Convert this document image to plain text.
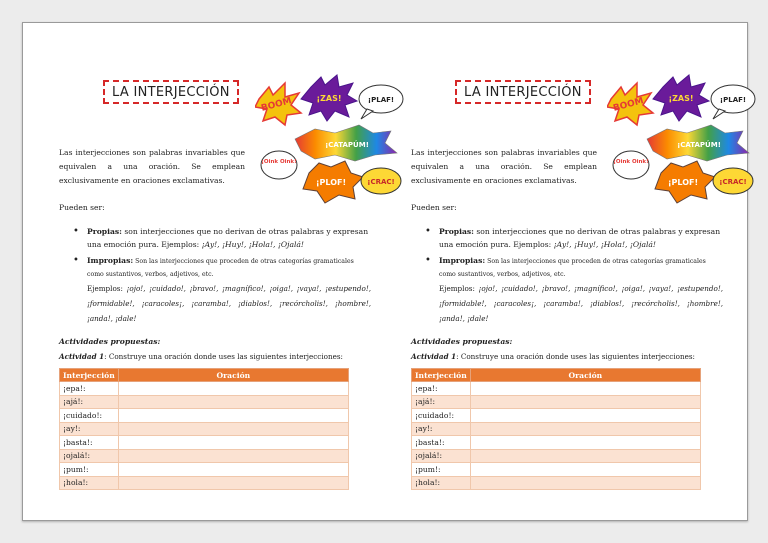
LA INTERJECCIÓN
BOOM	¡ZAS!	¡PLAF!
¡CATAPÚM!
¡Oink Oink!
¡PLOF!	¡CRAC!
Las interjecciones son palabras invariables que equivalen a una oración. Se emplean exclusivamente en oraciones exclamativas.
Pueden ser:
• Propias: son interjecciones que no derivan de otras palabras y expresan una emoción pura. Ejemplos: ¡Ay!, ¡Huy!, ¡Hola!, ¡Ojalá!
• Impropias: Son las interjecciones que proceden de otras categorías gramaticales como sustantivos, verbos, adjetivos, etc.
Ejemplos: ¡ojo!, ¡cuidado!, ¡bravo!, ¡magnífico!, ¡oiga!, ¡vaya!, ¡estupendo!, ¡formidable!, ¡caracoles¡, ¡caramba!, ¡diablos!, ¡recórcholis!, ¡hombre!, ¡anda!, ¡dale!
Actividades propuestas:
Actividad 1: Construye una oración donde uses las siguientes interjecciones:
Interjección	Oración
¡epa!:	
¡ajá!:	
¡cuidado!:	
¡ay!:	
¡basta!:	
¡ojalá!:	
¡pum!:	
¡hola!:	
LA INTERJECCIÓN
BOOM	¡ZAS!	¡PLAF!
¡CATAPÚM!
¡Oink Oink!
¡PLOF!	¡CRAC!
Las interjecciones son palabras invariables que equivalen a una oración. Se emplean exclusivamente en oraciones exclamativas.
Pueden ser:
• Propias: son interjecciones que no derivan de otras palabras y expresan una emoción pura. Ejemplos: ¡Ay!, ¡Huy!, ¡Hola!, ¡Ojalá!
• Impropias: Son las interjecciones que proceden de otras categorías gramaticales como sustantivos, verbos, adjetivos, etc.
Ejemplos: ¡ojo!, ¡cuidado!, ¡bravo!, ¡magnífico!, ¡oiga!, ¡vaya!, ¡estupendo!, ¡formidable!, ¡caracoles¡, ¡caramba!, ¡diablos!, ¡recórcholis!, ¡hombre!, ¡anda!, ¡dale!
Actividades propuestas:
Actividad 1: Construye una oración donde uses las siguientes interjecciones:
Interjección	Oración
¡epa!:	
¡ajá!:	
¡cuidado!:	
¡ay!:	
¡basta!:	
¡ojalá!:	
¡pum!:	
¡hola!:	
